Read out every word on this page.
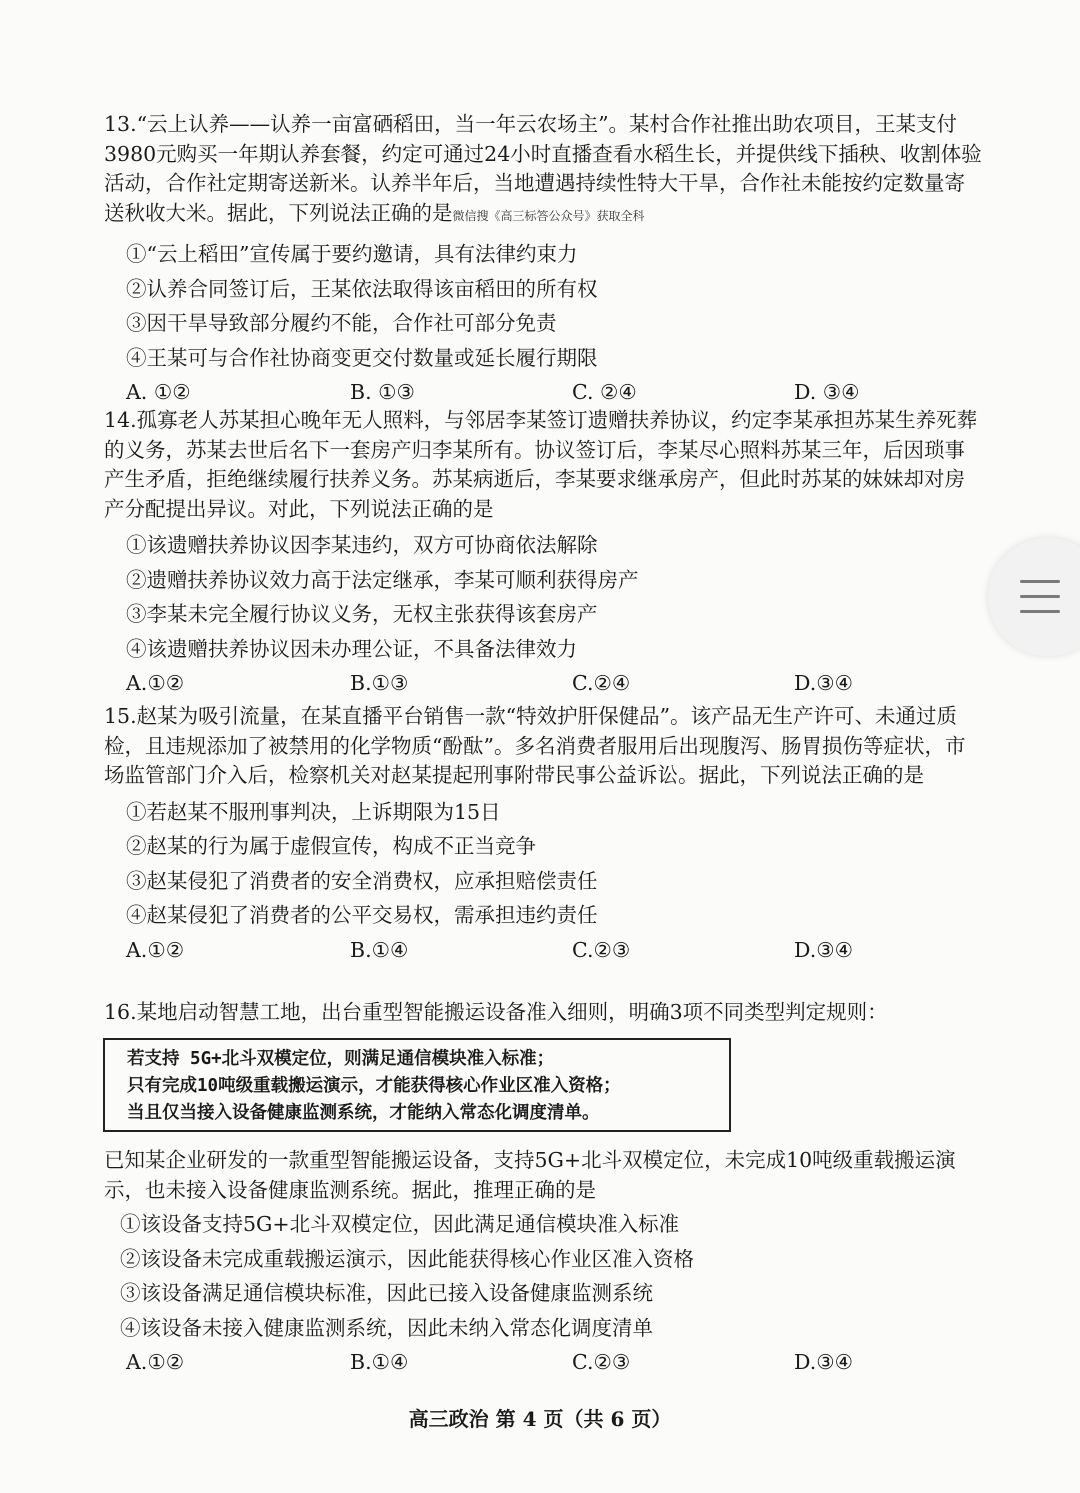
13.“云上认养——认养一亩富硒稻田，当一年云农场主”。某村合作社推出助农项目，王某支付3980元购买一年期认养套餐，约定可通过24小时直播查看水稻生长，并提供线下插秧、收割体验活动，合作社定期寄送新米。认养半年后，当地遭遇持续性特大干旱，合作社未能按约定数量寄送秋收大米。据此，下列说法正确的是微信搜《高三标答公众号》获取全科

①“云上稻田”宣传属于要约邀请，具有法律约束力

②认养合同签订后，王某依法取得该亩稻田的所有权

③因干旱导致部分履约不能，合作社可部分免责

④王某可与合作社协商变更交付数量或延长履行期限

A. ①②	B. ①③	C. ②④	D. ③④

14.孤寡老人苏某担心晚年无人照料，与邻居李某签订遗赠扶养协议，约定李某承担苏某生养死葬的义务，苏某去世后名下一套房产归李某所有。协议签订后，李某尽心照料苏某三年，后因琐事产生矛盾，拒绝继续履行扶养义务。苏某病逝后，李某要求继承房产，但此时苏某的妹妹却对房产分配提出异议。对此，下列说法正确的是

①该遗赠扶养协议因李某违约，双方可协商依法解除

②遗赠扶养协议效力高于法定继承，李某可顺利获得房产

③李某未完全履行协议义务，无权主张获得该套房产

④该遗赠扶养协议因未办理公证，不具备法律效力

A.①②	B.①③	C.②④	D.③④

15.赵某为吸引流量，在某直播平台销售一款“特效护肝保健品”。该产品无生产许可、未通过质检，且违规添加了被禁用的化学物质“酚酞”。多名消费者服用后出现腹泻、肠胃损伤等症状，市场监管部门介入后，检察机关对赵某提起刑事附带民事公益诉讼。据此，下列说法正确的是

①若赵某不服刑事判决，上诉期限为15日

②赵某的行为属于虚假宣传，构成不正当竞争

③赵某侵犯了消费者的安全消费权，应承担赔偿责任

④赵某侵犯了消费者的公平交易权，需承担违约责任

A.①②	B.①④	C.②③	D.③④

16.某地启动智慧工地，出台重型智能搬运设备准入细则，明确3项不同类型判定规则：

若支持 5G+北斗双模定位，则满足通信模块准入标准；
只有完成10吨级重载搬运演示，才能获得核心作业区准入资格；
当且仅当接入设备健康监测系统，才能纳入常态化调度清单。

已知某企业研发的一款重型智能搬运设备，支持5G+北斗双模定位，未完成10吨级重载搬运演示，也未接入设备健康监测系统。据此，推理正确的是

①该设备支持5G+北斗双模定位，因此满足通信模块准入标准

②该设备未完成重载搬运演示，因此能获得核心作业区准入资格

③该设备满足通信模块标准，因此已接入设备健康监测系统

④该设备未接入健康监测系统，因此未纳入常态化调度清单

A.①②	B.①④	C.②③	D.③④
高三政治 第 4 页（共 6 页）
